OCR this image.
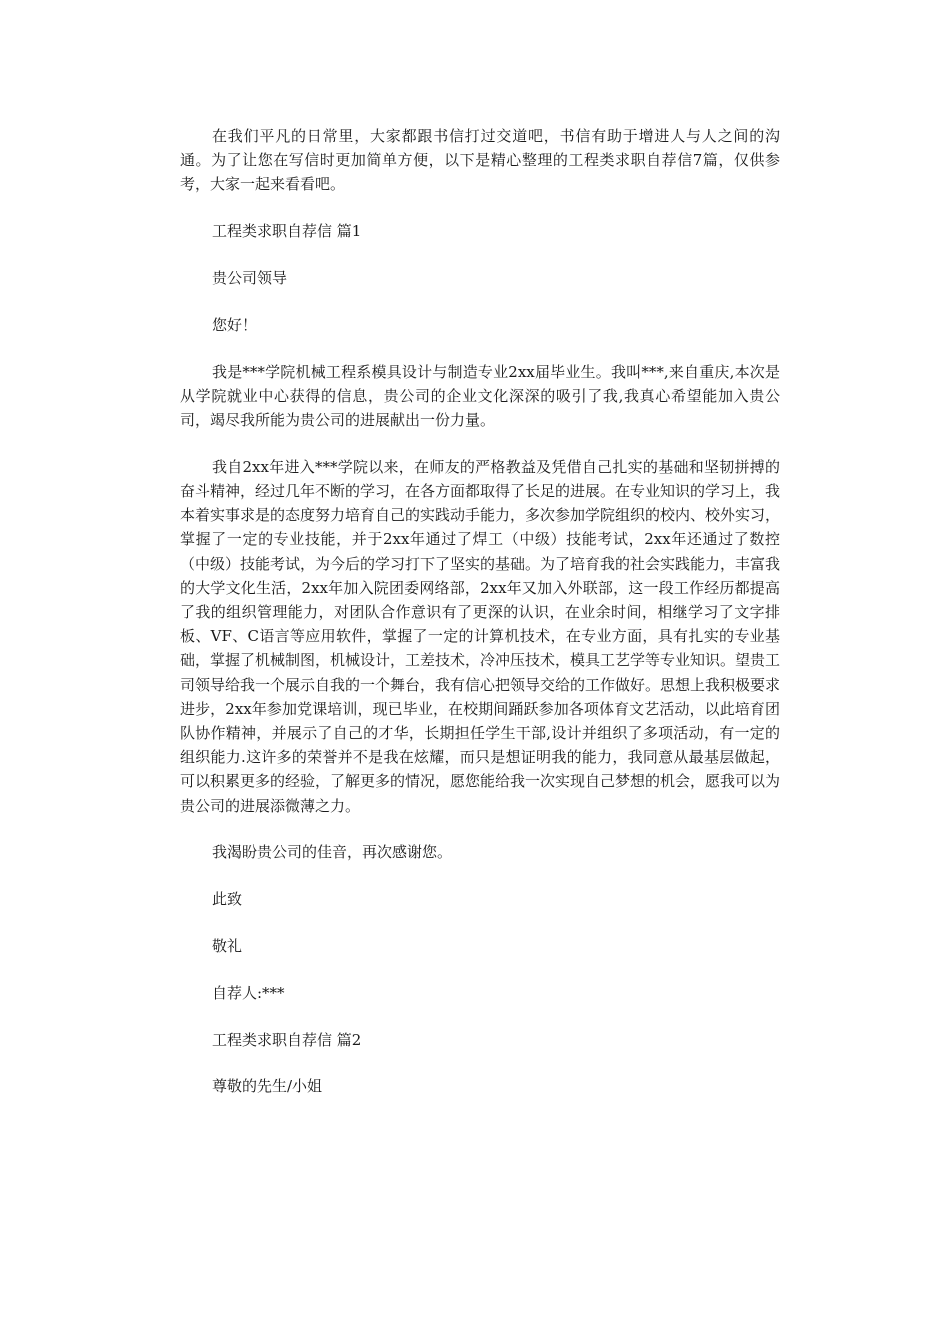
在我们平凡的日常里，大家都跟书信打过交道吧，书信有助于增进人与人之间的沟通。为了让您在写信时更加简单方便，以下是精心整理的工程类求职自荐信7篇，仅供参考，大家一起来看看吧。

工程类求职自荐信 篇1

贵公司领导

您好！

我是***学院机械工程系模具设计与制造专业2xx届毕业生。我叫***,来自重庆,本次是从学院就业中心获得的信息，贵公司的企业文化深深的吸引了我,我真心希望能加入贵公司，竭尽我所能为贵公司的进展献出一份力量。

我自2xx年进入***学院以来，在师友的严格教益及凭借自己扎实的基础和坚韧拼搏的奋斗精神，经过几年不断的学习，在各方面都取得了长足的进展。在专业知识的学习上，我本着实事求是的态度努力培育自己的实践动手能力，多次参加学院组织的校内、校外实习，掌握了一定的专业技能，并于2xx年通过了焊工（中级）技能考试，2xx年还通过了数控（中级）技能考试，为今后的学习打下了坚实的基础。为了培育我的社会实践能力，丰富我的大学文化生活，2xx年加入院团委网络部，2xx年又加入外联部，这一段工作经历都提高了我的组织管理能力，对团队合作意识有了更深的认识，在业余时间，相继学习了文字排板、VF、C语言等应用软件，掌握了一定的计算机技术，在专业方面，具有扎实的专业基础，掌握了机械制图，机械设计，工差技术，冷冲压技术，模具工艺学等专业知识。望贵工司领导给我一个展示自我的一个舞台，我有信心把领导交给的工作做好。思想上我积极要求进步，2xx年参加党课培训，现已毕业，在校期间踊跃参加各项体育文艺活动，以此培育团队协作精神，并展示了自己的才华，长期担任学生干部,设计并组织了多项活动，有一定的组织能力.这许多的荣誉并不是我在炫耀，而只是想证明我的能力，我同意从最基层做起，可以积累更多的经验，了解更多的情况，愿您能给我一次实现自己梦想的机会，愿我可以为贵公司的进展添微薄之力。

我渴盼贵公司的佳音，再次感谢您。

此致

敬礼

自荐人:***

工程类求职自荐信 篇2

尊敬的先生/小姐
